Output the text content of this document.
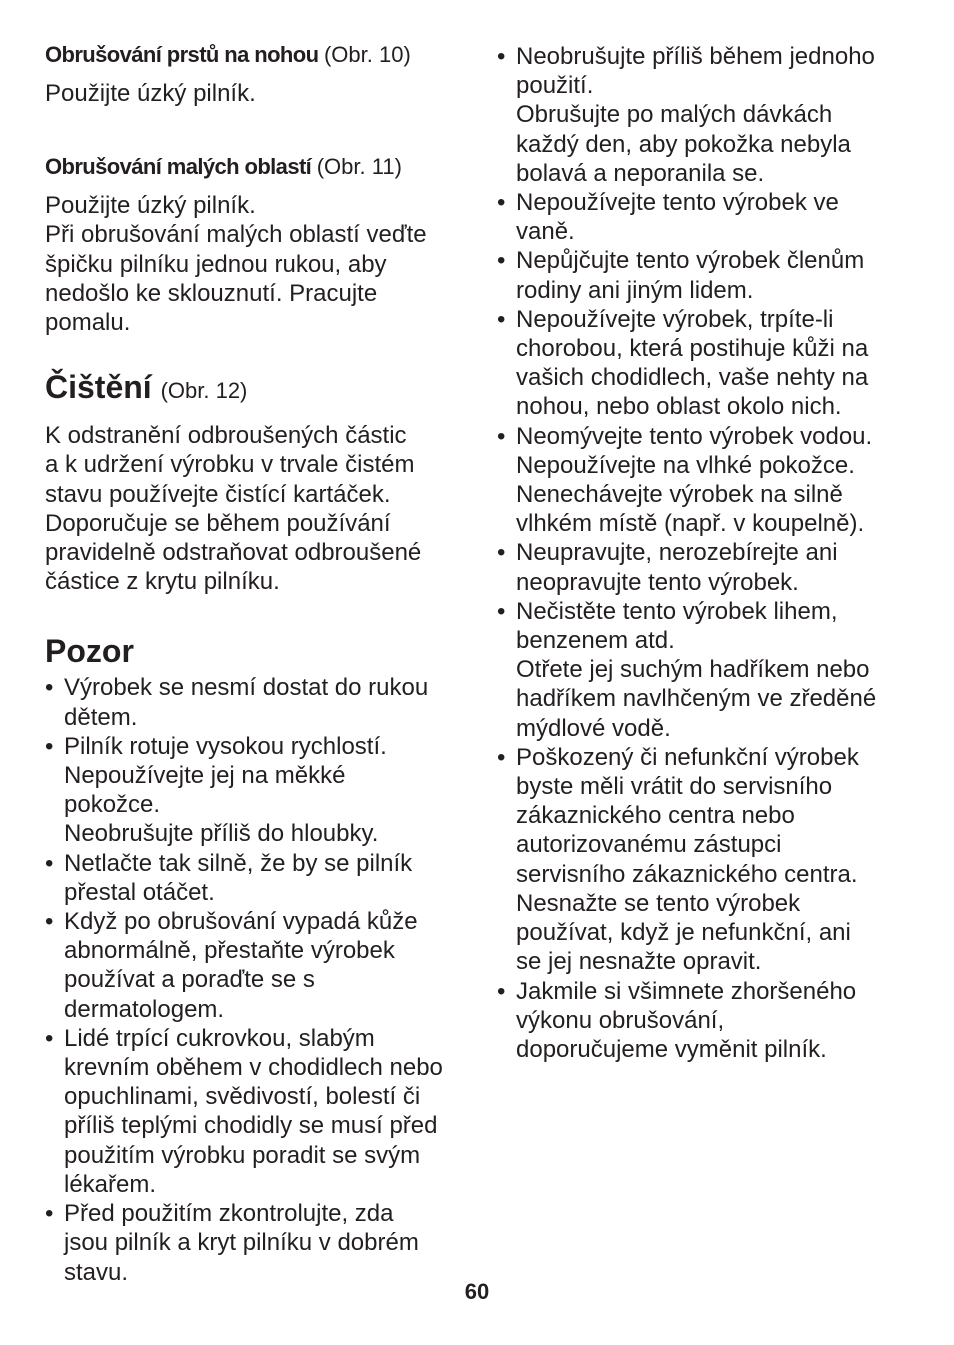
Obrušování prstů na nohou (Obr. 10)

Použijte úzký pilník.

Obrušování malých oblastí (Obr. 11)

Použijte úzký pilník.
Při obrušování malých oblastí veďte
špičku pilníku jednou rukou, aby
nedošlo ke sklouznutí. Pracujte
pomalu.

Čištění (Obr. 12)

K odstranění odbroušených částic
a k udržení výrobku v trvale čistém
stavu používejte čistící kartáček.
Doporučuje se během používání
pravidelně odstraňovat odbroušené
částice z krytu pilníku.

Pozor
• Výrobek se nesmí dostat do rukou
dětem.
• Pilník rotuje vysokou rychlostí.
Nepoužívejte jej na měkké
pokožce.
Neobrušujte příliš do hloubky.
• Netlačte tak silně, že by se pilník
přestal otáčet.
• Když po obrušování vypadá kůže
abnormálně, přestaňte výrobek
používat a poraďte se s
dermatologem.
• Lidé trpící cukrovkou, slabým
krevním oběhem v chodidlech nebo
opuchlinami, svědivostí, bolestí či
příliš teplými chodidly se musí před
použitím výrobku poradit se svým
lékařem.
• Před použitím zkontrolujte, zda
jsou pilník a kryt pilníku v dobrém
stavu.
• Neobrušujte příliš během jednoho
použití.
Obrušujte po malých dávkách
každý den, aby pokožka nebyla
bolavá a neporanila se.
• Nepoužívejte tento výrobek ve
vaně.
• Nepůjčujte tento výrobek členům
rodiny ani jiným lidem.
• Nepoužívejte výrobek, trpíte-li
chorobou, která postihuje kůži na
vašich chodidlech, vaše nehty na
nohou, nebo oblast okolo nich.
• Neomývejte tento výrobek vodou.
Nepoužívejte na vlhké pokožce.
Nenechávejte výrobek na silně
vlhkém místě (např. v koupelně).
• Neupravujte, nerozebírejte ani
neopravujte tento výrobek.
• Nečistěte tento výrobek lihem,
benzenem atd.
Otřete jej suchým hadříkem nebo
hadříkem navlhčeným ve zředěné
mýdlové vodě.
• Poškozený či nefunkční výrobek
byste měli vrátit do servisního
zákaznického centra nebo
autorizovanému zástupci
servisního zákaznického centra.
Nesnažte se tento výrobek
používat, když je nefunkční, ani
se jej nesnažte opravit.
• Jakmile si všimnete zhoršeného
výkonu obrušování,
doporučujeme vyměnit pilník.
60
